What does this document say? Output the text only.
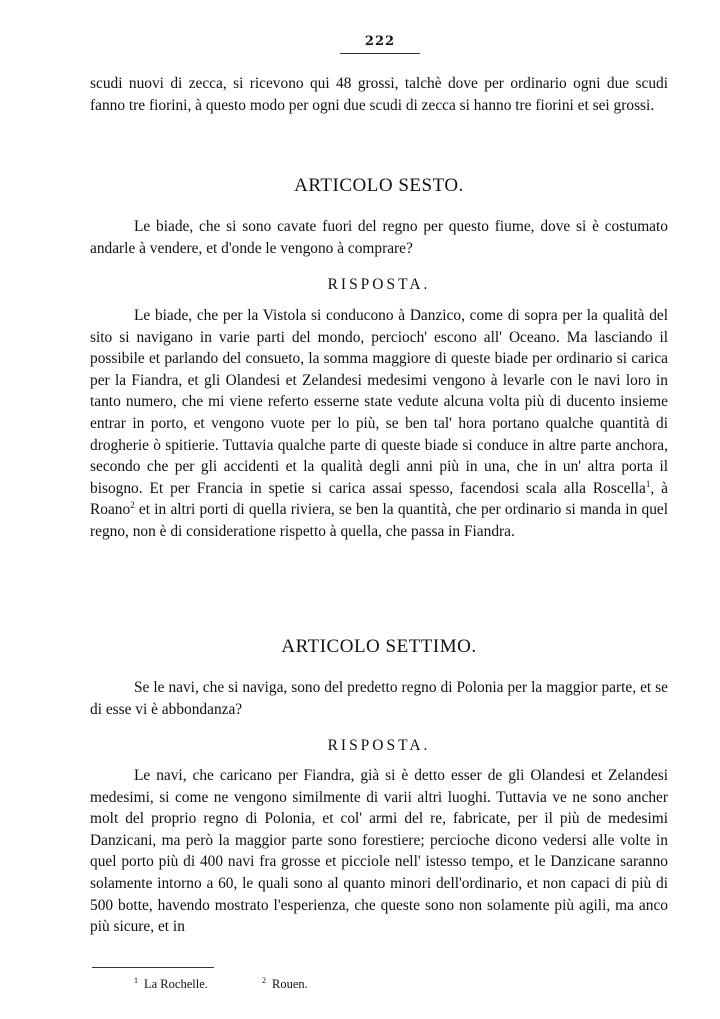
222

scudi nuovi di zecca, si ricevono qui 48 grossi, talchè dove per ordinario ogni due scudi fanno tre fiorini, à questo modo per ogni due scudi di zecca si hanno tre fiorini et sei grossi.

ARTICOLO SESTO.

Le biade, che si sono cavate fuori del regno per questo fiume, dove si è costumato andarle à vendere, et d'onde le vengono à comprare?

RISPOSTA.

Le biade, che per la Vistola si conducono à Danzico, come di sopra per la qualità del sito si navigano in varie parti del mondo, percioch' escono all' Oceano. Ma lasciando il possibile et parlando del consueto, la somma maggiore di queste biade per ordinario si carica per la Fiandra, et gli Olandesi et Zelandesi medesimi vengono à levarle con le navi loro in tanto numero, che mi viene referto esserne state vedute alcuna volta più di ducento insieme entrar in porto, et vengono vuote per lo più, se ben tal' hora portano qualche quantità di drogherie ò spitierie. Tuttavia qualche parte di queste biade si conduce in altre parte anchora, secondo che per gli accidenti et la qualità degli anni più in una, che in un' altra porta il bisogno. Et per Francia in spetie si carica assai spesso, facendosi scala alla Roscella$^1$, à Roano$^2$ et in altri porti di quella riviera, se ben la quantità, che per ordinario si manda in quel regno, non è di consideratione rispetto à quella, che passa in Fiandra.

ARTICOLO SETTIMO.

Se le navi, che si naviga, sono del predetto regno di Polonia per la maggior parte, et se di esse vi è abbondanza?

RISPOSTA.

Le navi, che caricano per Fiandra, già si è detto esser de gli Olandesi et Zelandesi medesimi, si come ne vengono similmente di varii altri luoghi. Tuttavia ve ne sono ancher molt del proprio regno di Polonia, et col' armi del re, fabricate, per il più de medesimi Danzicani, ma però la maggior parte sono forestiere; percioche dicono vedersi alle volte in quel porto più di 400 navi fra grosse et picciole nell' istesso tempo, et le Danzicane saranno solamente intorno a 60, le quali sono al quanto minori dell'ordinario, et non capaci di più di 500 botte, havendo mostrato l'esperienza, che queste sono non solamente più agili, ma anco più sicure, et in

$^1$ La Rochelle.	$^2$ Rouen.
